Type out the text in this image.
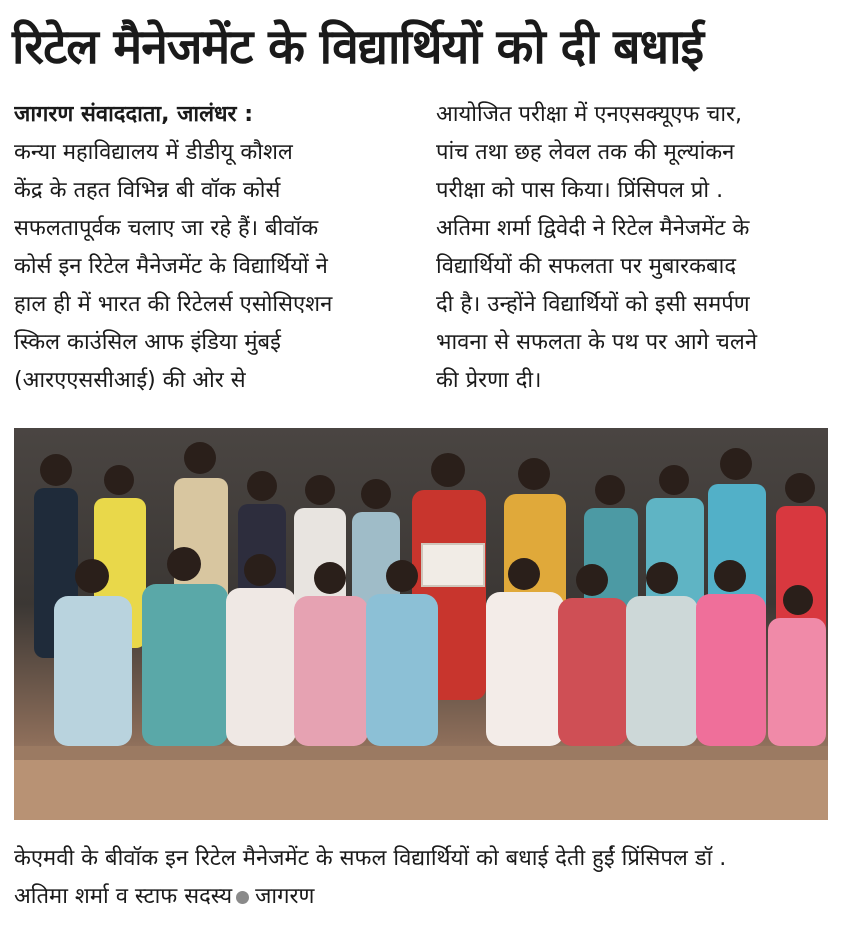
रिटेल मैनेजमेंट के विद्यार्थियों को दी बधाई
जागरण संवाददाता, जालंधर :
कन्या महाविद्यालय में डीडीयू कौशल
केंद्र के तहत विभिन्न बी वॉक कोर्स
सफलतापूर्वक चलाए जा रहे हैं। बीवॉक
कोर्स इन रिटेल मैनेजमेंट के विद्यार्थियों ने
हाल ही में भारत की रिटेलर्स एसोसिएशन
स्किल काउंसिल आफ इंडिया मुंबई
(आरएएससीआई) की ओर से
आयोजित परीक्षा में एनएसक्यूएफ चार,
पांच तथा छह लेवल तक की मूल्यांकन
परीक्षा को पास किया। प्रिंसिपल प्रो .
अतिमा शर्मा द्विवेदी ने रिटेल मैनेजमेंट के
विद्यार्थियों की सफलता पर मुबारकबाद
दी है। उन्होंने विद्यार्थियों को इसी समर्पण
भावना से सफलता के पथ पर आगे चलने
की प्रेरणा दी।
केएमवी के बीवॉक इन रिटेल मैनेजमेंट के सफल विद्यार्थियों को बधाई देती हुईं प्रिंसिपल डॉ .
अतिमा शर्मा व स्टाफ सदस्य जागरण
